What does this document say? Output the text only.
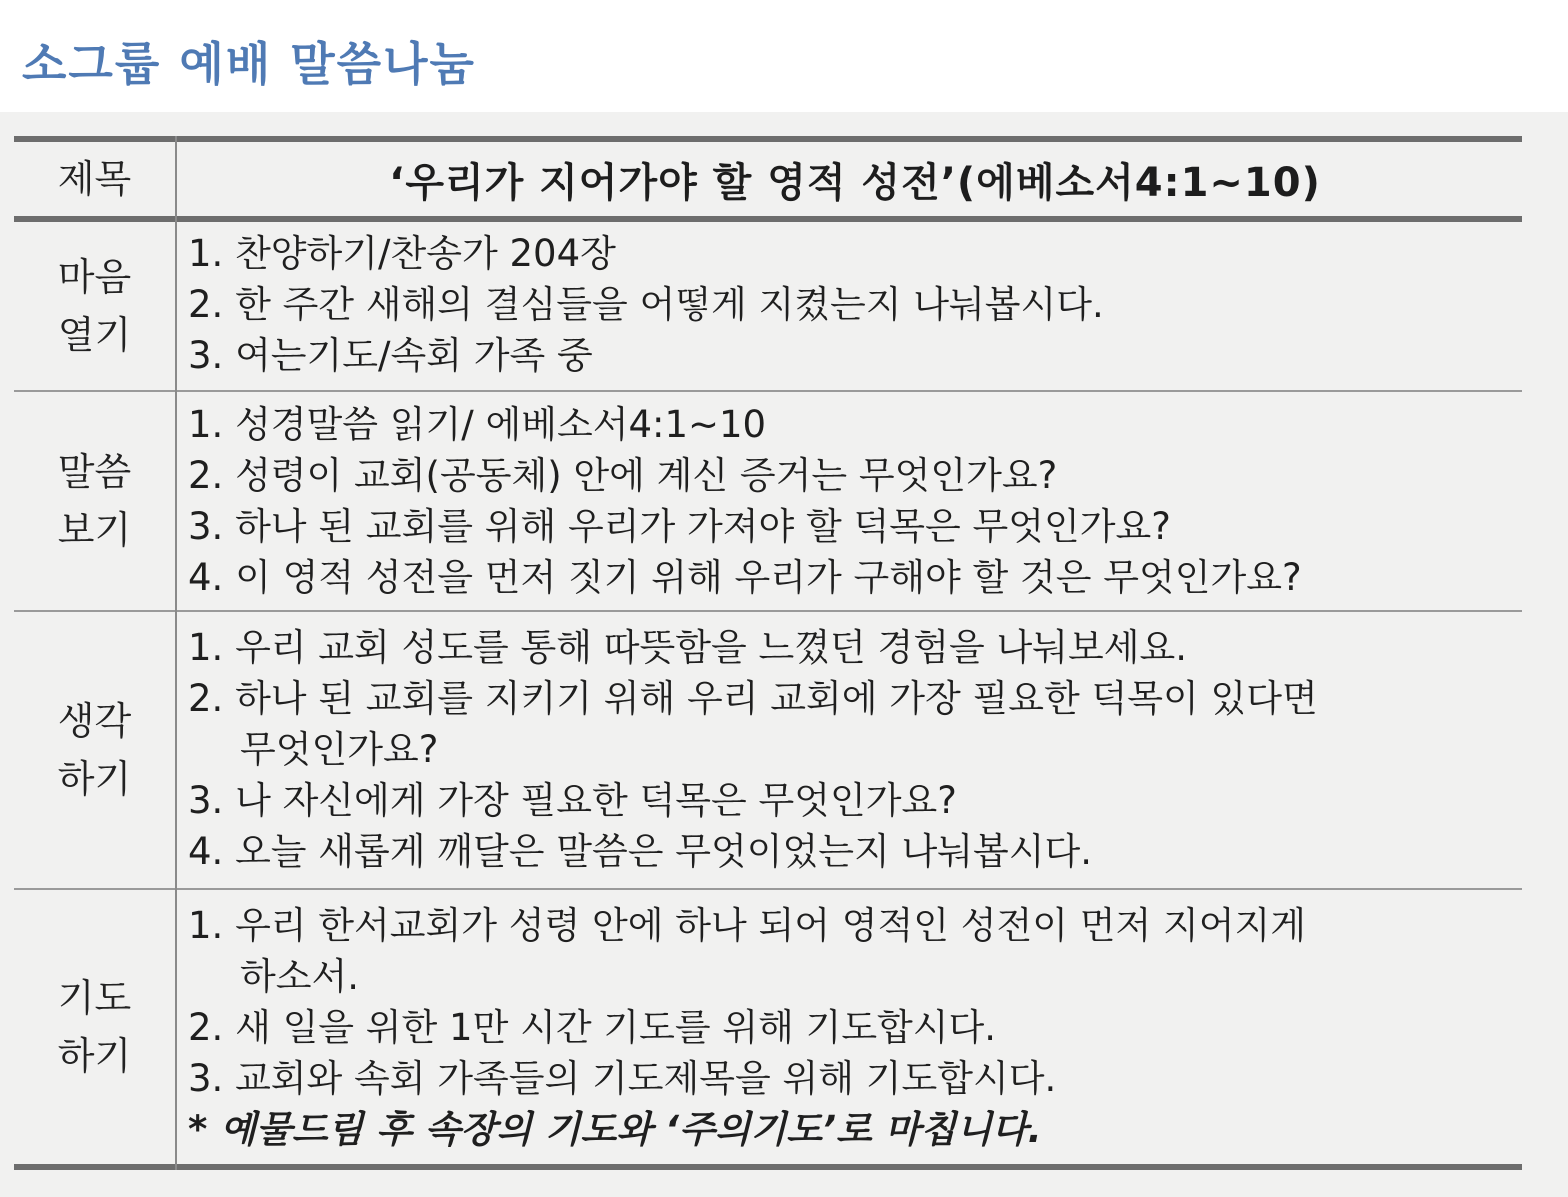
소그룹 예배 말씀나눔
제목	‘우리가 지어가야 할 영적 성전’(에베소서4:1~10)
마음
열기
1. 찬양하기/찬송가 204장
2. 한 주간 새해의 결심들을 어떻게 지켰는지 나눠봅시다.
3. 여는기도/속회 가족 중
말씀
보기
1. 성경말씀 읽기/ 에베소서4:1~10
2. 성령이 교회(공동체) 안에 계신 증거는 무엇인가요?
3. 하나 된 교회를 위해 우리가 가져야 할 덕목은 무엇인가요?
4. 이 영적 성전을 먼저 짓기 위해 우리가 구해야 할 것은 무엇인가요?
생각
하기
1. 우리 교회 성도를 통해 따뜻함을 느꼈던 경험을 나눠보세요.
2. 하나 된 교회를 지키기 위해 우리 교회에 가장 필요한 덕목이 있다면
무엇인가요?
3. 나 자신에게 가장 필요한 덕목은 무엇인가요?
4. 오늘 새롭게 깨달은 말씀은 무엇이었는지 나눠봅시다.
기도
하기
1. 우리 한서교회가 성령 안에 하나 되어 영적인 성전이 먼저 지어지게
하소서.
2. 새 일을 위한 1만 시간 기도를 위해 기도합시다.
3. 교회와 속회 가족들의 기도제목을 위해 기도합시다.
* 예물드림 후 속장의 기도와 ‘주의기도’로 마칩니다.
